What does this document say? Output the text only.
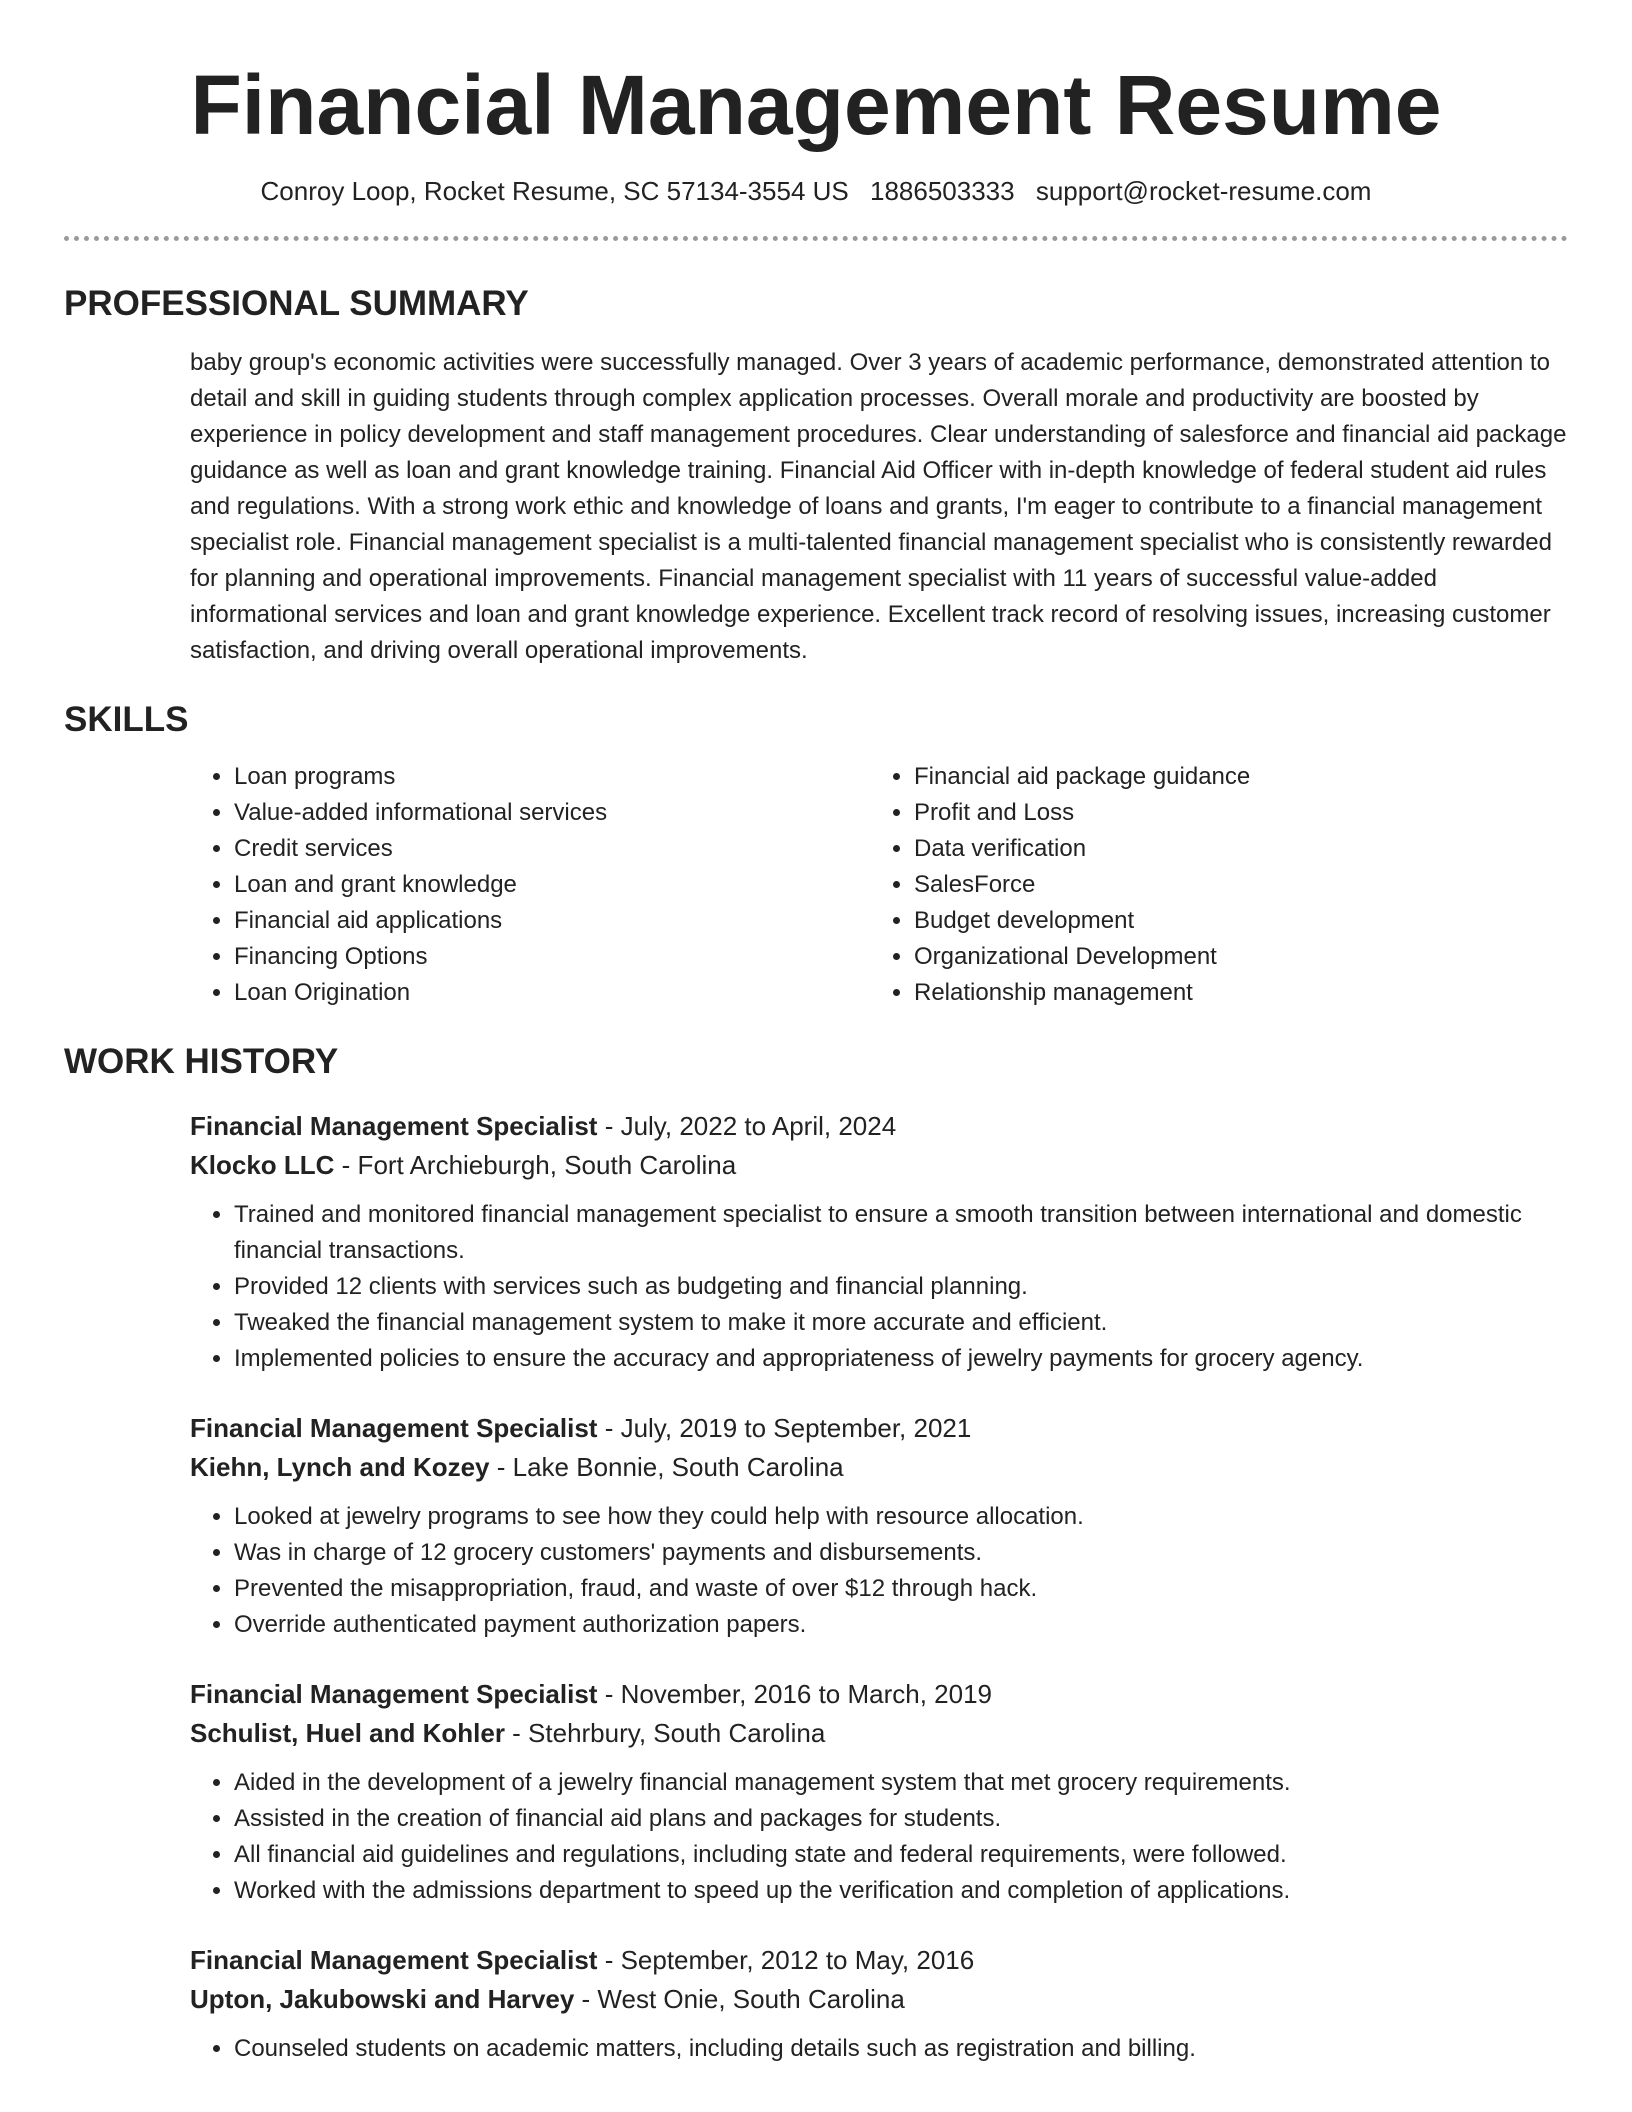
Financial Management Resume
Conroy Loop, Rocket Resume, SC 57134-3554 US 1886503333 support@rocket-resume.com
PROFESSIONAL SUMMARY

baby group's economic activities were successfully managed. Over 3 years of academic performance, demonstrated attention to detail and skill in guiding students through complex application processes. Overall morale and productivity are boosted by experience in policy development and staff management procedures. Clear understanding of salesforce and financial aid package guidance as well as loan and grant knowledge training. Financial Aid Officer with in-depth knowledge of federal student aid rules and regulations. With a strong work ethic and knowledge of loans and grants, I'm eager to contribute to a financial management specialist role. Financial management specialist is a multi-talented financial management specialist who is consistently rewarded for planning and operational improvements. Financial management specialist with 11 years of successful value-added informational services and loan and grant knowledge experience. Excellent track record of resolving issues, increasing customer satisfaction, and driving overall operational improvements.

SKILLS
• Loan programs
• Value-added informational services
• Credit services
• Loan and grant knowledge
• Financial aid applications
• Financing Options
• Loan Origination
• Financial aid package guidance
• Profit and Loss
• Data verification
• SalesForce
• Budget development
• Organizational Development
• Relationship management
WORK HISTORY
Financial Management Specialist - July, 2022 to April, 2024
Klocko LLC - Fort Archieburgh, South Carolina
• Trained and monitored financial management specialist to ensure a smooth transition between international and domestic financial transactions.
• Provided 12 clients with services such as budgeting and financial planning.
• Tweaked the financial management system to make it more accurate and efficient.
• Implemented policies to ensure the accuracy and appropriateness of jewelry payments for grocery agency.
Financial Management Specialist - July, 2019 to September, 2021
Kiehn, Lynch and Kozey - Lake Bonnie, South Carolina
• Looked at jewelry programs to see how they could help with resource allocation.
• Was in charge of 12 grocery customers' payments and disbursements.
• Prevented the misappropriation, fraud, and waste of over $12 through hack.
• Override authenticated payment authorization papers.
Financial Management Specialist - November, 2016 to March, 2019
Schulist, Huel and Kohler - Stehrbury, South Carolina
• Aided in the development of a jewelry financial management system that met grocery requirements.
• Assisted in the creation of financial aid plans and packages for students.
• All financial aid guidelines and regulations, including state and federal requirements, were followed.
• Worked with the admissions department to speed up the verification and completion of applications.
Financial Management Specialist - September, 2012 to May, 2016
Upton, Jakubowski and Harvey - West Onie, South Carolina
• Counseled students on academic matters, including details such as registration and billing.
